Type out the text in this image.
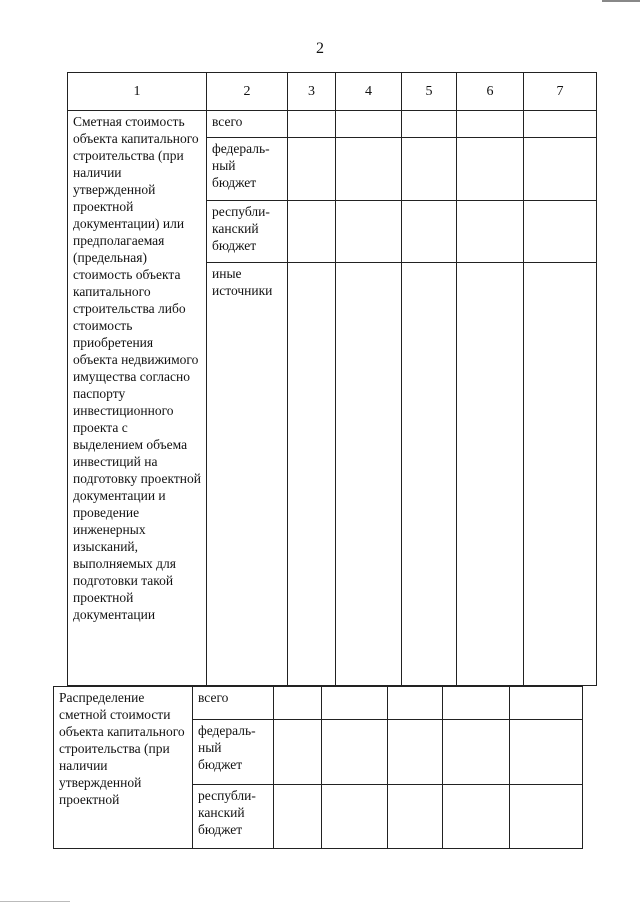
2
1	2	3	4	5	6	7
Сметная стоимость объекта капитального строительства (при наличии утвержденной проектной документации) или предполагаемая (предельная) стоимость объекта капитального строительства либо стоимость приобретения объекта недвижимого имущества согласно паспорту инвестиционного проекта с выделением объема инвестиций на подготовку проектной документации и проведение инженерных изысканий, выполняемых для подготовки такой проектной документации	всего					
	федераль-ный бюджет					
	республи-канский бюджет					
	иные источники					
Распределение сметной стоимости объекта капитального строительства (при наличии утвержденной проектной	всего					
	федераль-ный бюджет					
	республи-канский бюджет					
